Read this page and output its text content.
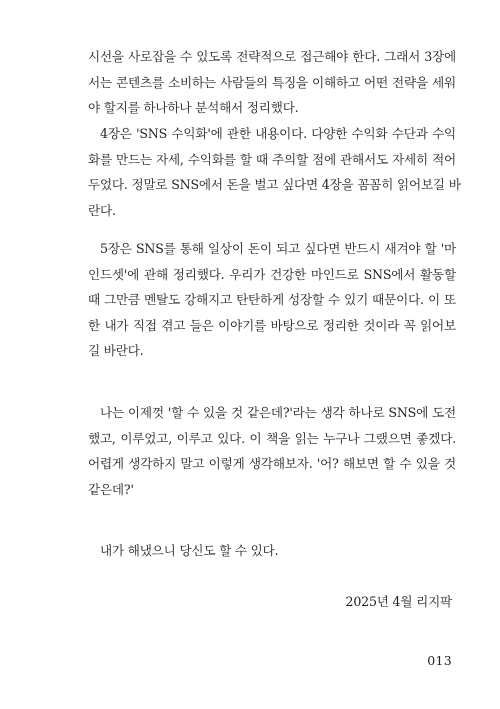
시선을 사로잡을 수 있도록 전략적으로 접근해야 한다. 그래서 3장에
서는 콘텐츠를 소비하는 사람들의 특징을 이해하고 어떤 전략을 세워
야 할지를 하나하나 분석해서 정리했다.
4장은 'SNS 수익화'에 관한 내용이다. 다양한 수익화 수단과 수익
화를 만드는 자세, 수익화를 할 때 주의할 점에 관해서도 자세히 적어
두었다. 정말로 SNS에서 돈을 벌고 싶다면 4장을 꼼꼼히 읽어보길 바
란다.
5장은 SNS를 통해 일상이 돈이 되고 싶다면 반드시 새겨야 할 '마
인드셋'에 관해 정리했다. 우리가 건강한 마인드로 SNS에서 활동할
때 그만큼 멘탈도 강해지고 탄탄하게 성장할 수 있기 때문이다. 이 또
한 내가 직접 겪고 들은 이야기를 바탕으로 정리한 것이라 꼭 읽어보
길 바란다.
나는 이제껏 '할 수 있을 것 같은데?'라는 생각 하나로 SNS에 도전
했고, 이루었고, 이루고 있다. 이 책을 읽는 누구나 그랬으면 좋겠다.
어렵게 생각하지 말고 이렇게 생각해보자. '어? 해보면 할 수 있을 것
같은데?'
내가 해냈으니 당신도 할 수 있다.
2025년 4월 리지팍
013
